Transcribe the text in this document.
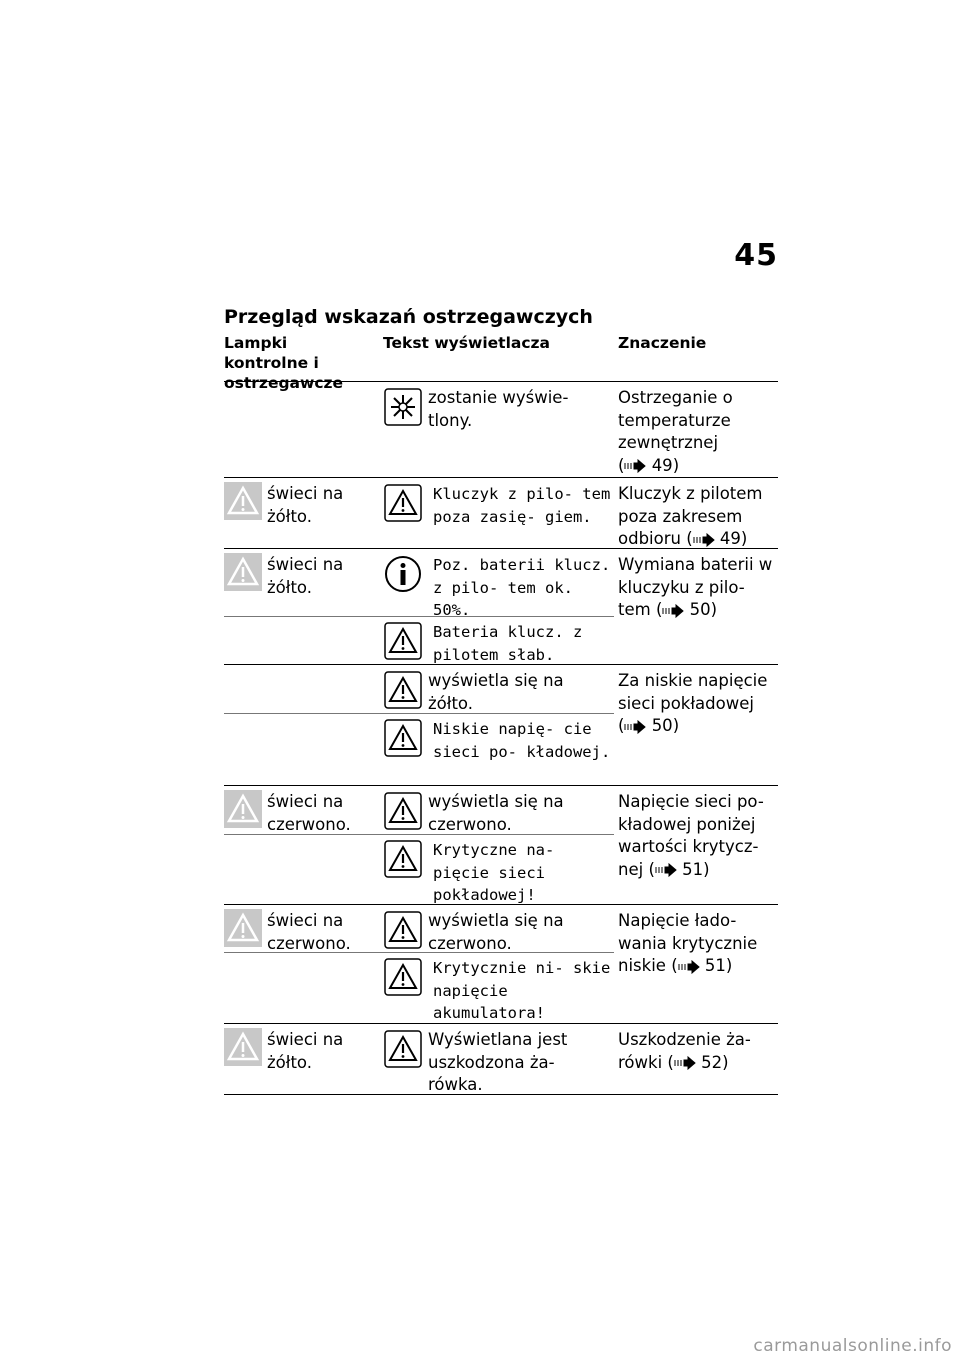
45
Przegląd wskazań ostrzegawczych
Lampki kontrolne i ostrzegawcze
Tekst wyświetlacza	Znaczenie
zostanie wyświe- tlony.
Ostrzeganie o temperaturze zewnętrznej
( 49)
świeci na żółto.
Kluczyk z pilo- tem poza zasię- giem.
Kluczyk z pilotem poza zakresem odbioru ( 49)
świeci na żółto.
Poz. baterii klucz. z pilo- tem ok. 50%.
Wymiana baterii w kluczyku z pilo- tem ( 50)
Bateria klucz. z pilotem słab.
wyświetla się na żółto.
Za niskie napięcie sieci pokładowej ( 50)
Niskie napię- cie sieci po- kładowej.
świeci na czerwono.
wyświetla się na czerwono.
Napięcie sieci po- kładowej poniżej wartości krytycz- nej ( 51)
Krytyczne na- pięcie sieci pokładowej!
świeci na czerwono.
wyświetla się na czerwono.
Napięcie łado- wania krytycznie niskie ( 51)
Krytycznie ni- skie napięcie akumulatora!
świeci na żółto.
Wyświetlana jest uszkodzona ża- rówka.
Uszkodzenie ża- rówki ( 52)
carmanualsonline.info
